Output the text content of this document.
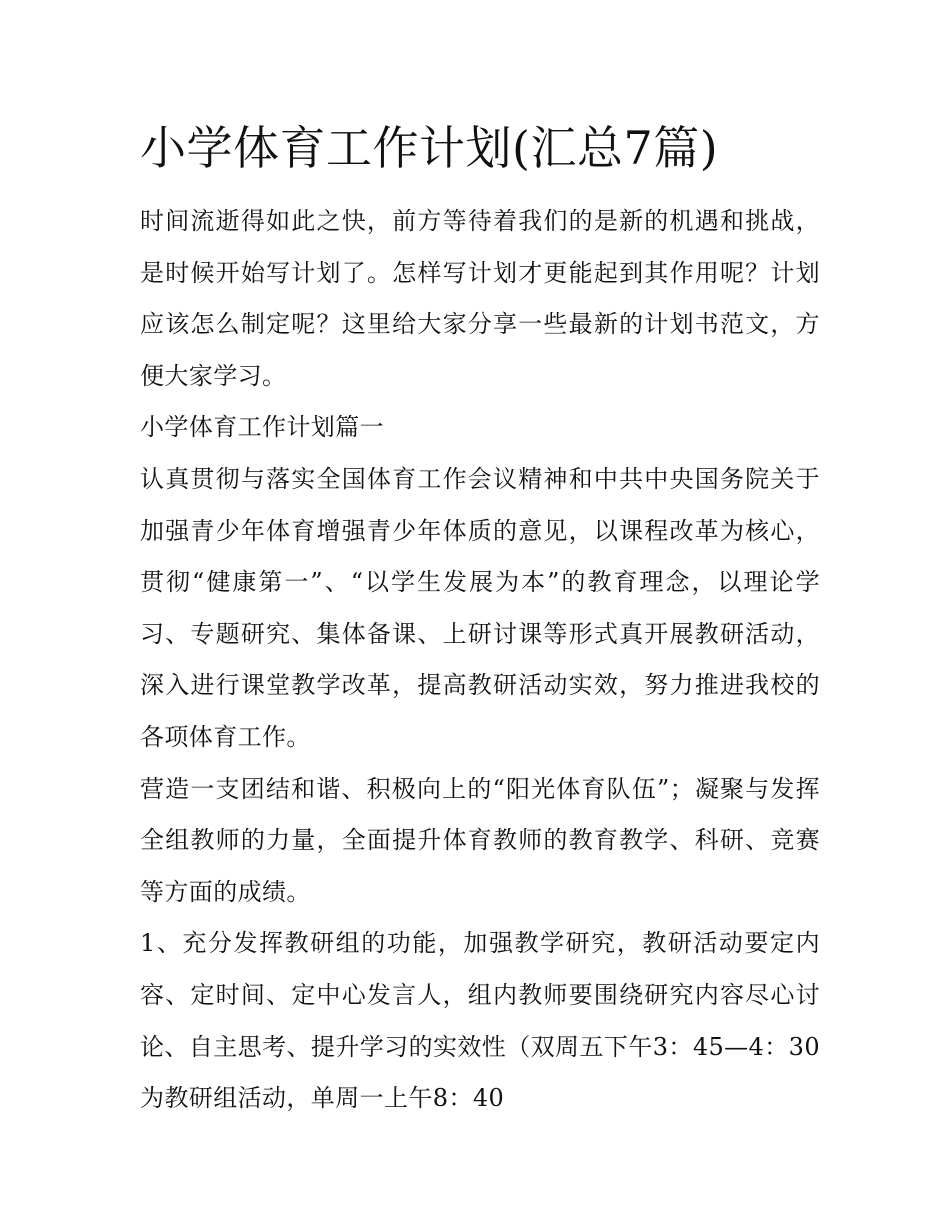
小学体育工作计划(汇总7篇)

时间流逝得如此之快，前方等待着我们的是新的机遇和挑战，是时候开始写计划了。怎样写计划才更能起到其作用呢？计划应该怎么制定呢？这里给大家分享一些最新的计划书范文，方便大家学习。

小学体育工作计划篇一

认真贯彻与落实全国体育工作会议精神和中共中央国务院关于加强青少年体育增强青少年体质的意见，以课程改革为核心，贯彻“健康第一”、“以学生发展为本”的教育理念，以理论学习、专题研究、集体备课、上研讨课等形式真开展教研活动，深入进行课堂教学改革，提高教研活动实效，努力推进我校的各项体育工作。

营造一支团结和谐、积极向上的“阳光体育队伍”；凝聚与发挥全组教师的力量，全面提升体育教师的教育教学、科研、竞赛等方面的成绩。

1、充分发挥教研组的功能，加强教学研究，教研活动要定内容、定时间、定中心发言人，组内教师要围绕研究内容尽心讨论、自主思考、提升学习的实效性（双周五下午3：45—4：30为教研组活动，单周一上午8：40
